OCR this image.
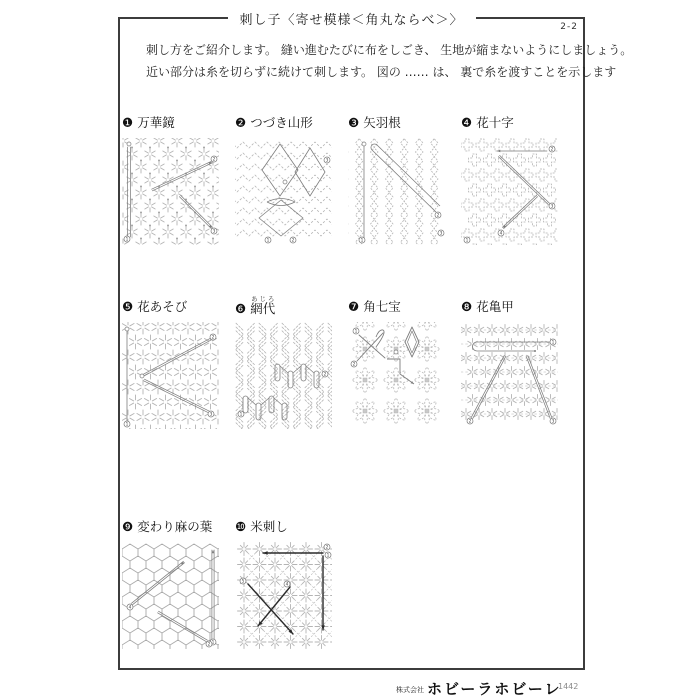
刺し子〈寄せ模様＜角丸ならべ＞〉	2-2
刺し方をご紹介します。 縫い進むたびに布をしごき、 生地が縮まないようにしましょう。
近い部分は糸を切らずに続けて刺します。 図の …… は、 裏で糸を渡すことを示します
❶ 万華鏡
1
2
3
❷ つづき山形
1	2
3
❸ 矢羽根
1
2
3
❹ 花十字
1
2
3
4
❺ 花あそび
1
2
3
❻ 網代あじろ
1
2
❼ 角七宝
1
2
❽ 花亀甲
1
2	3
❾ 変わり麻の葉
1
4
2
❿ 米刺し
2
1
5
4
株式会社 ホビーラホビーレ
1442
